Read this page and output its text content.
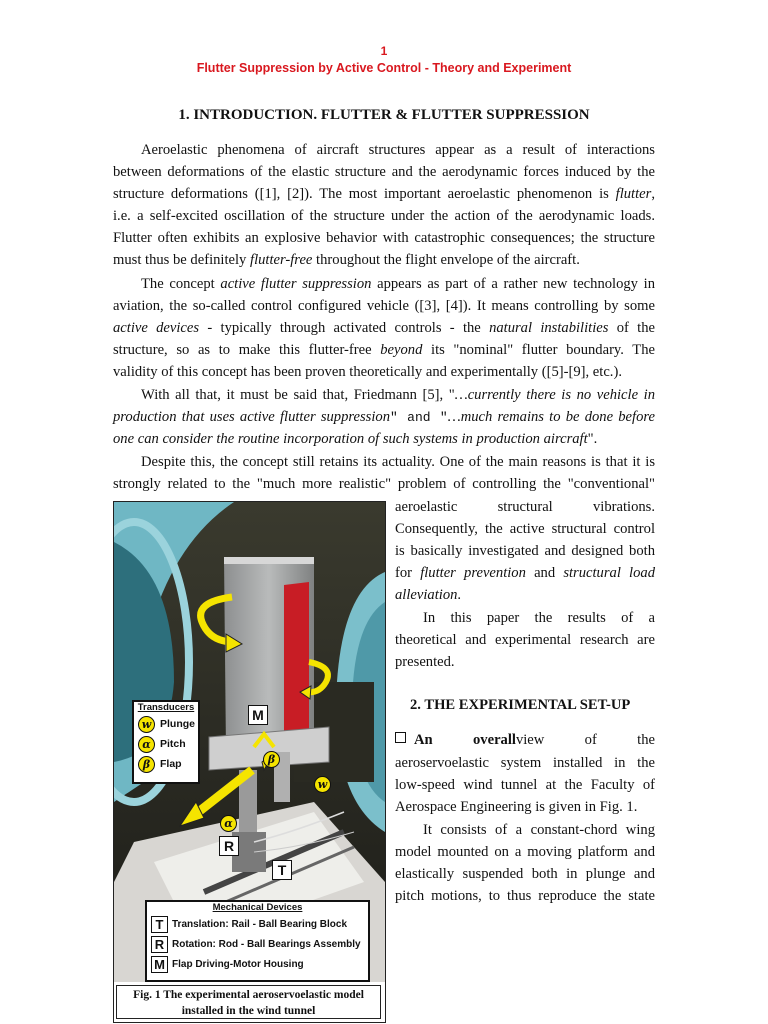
1
Flutter Suppression by Active Control - Theory and Experiment
1. INTRODUCTION. FLUTTER & FLUTTER SUPPRESSION
Aeroelastic phenomena of aircraft structures appear as a result of interactions
between deformations of the elastic structure and the aerodynamic forces induced by the
structure deformations ([1], [2]). The most important aeroelastic phenomenon is flutter,
i.e. a self-excited oscillation of the structure under the action of the aerodynamic loads.
Flutter often exhibits an explosive behavior with catastrophic consequences; the structure
must thus be definitely flutter-free throughout the flight envelope of the aircraft.
The concept active flutter suppression appears as part of a rather new technology in
aviation, the so-called control configured vehicle ([3], [4]). It means controlling by some
active devices - typically through activated controls - the natural instabilities of the
structure, so as to make this flutter-free beyond its "nominal" flutter boundary. The
validity of this concept has been proven theoretically and experimentally ([5]-[9], etc.).
With all that, it must be said that, Friedmann [5], "…currently there is no vehicle in
production that uses active flutter suppression" and "…much remains to be done before
one can consider the routine incorporation of such systems in production aircraft".
Despite this, the concept still retains its actuality. One of the main reasons is that it is
strongly related to the "much more realistic" problem of controlling the "conventional"
aeroelastic structural vibrations.
Consequently, the active structural control
is basically investigated and designed both
for flutter prevention and structural load
alleviation.
In this paper the results of a
theoretical and experimental research are
presented.
2. THE EXPERIMENTAL SET-UP
An overallview of the
aeroservoelastic system installed in the
low-speed wind tunnel at the Faculty of
Aerospace Engineering is given in Fig. 1.
It consists of a constant-chord wing
model mounted on a moving platform and
elastically suspended both in plunge and
pitch motions, to thus reproduce the state
Transducers
w Plunge
α Pitch
β Flap
M
R
T
β
α
w
Mechanical Devices
T Translation: Rail - Ball Bearing Block
R Rotation: Rod - Ball Bearings Assembly
M Flap Driving-Motor Housing
Fig. 1 The experimental aeroservoelastic model
installed in the wind tunnel
